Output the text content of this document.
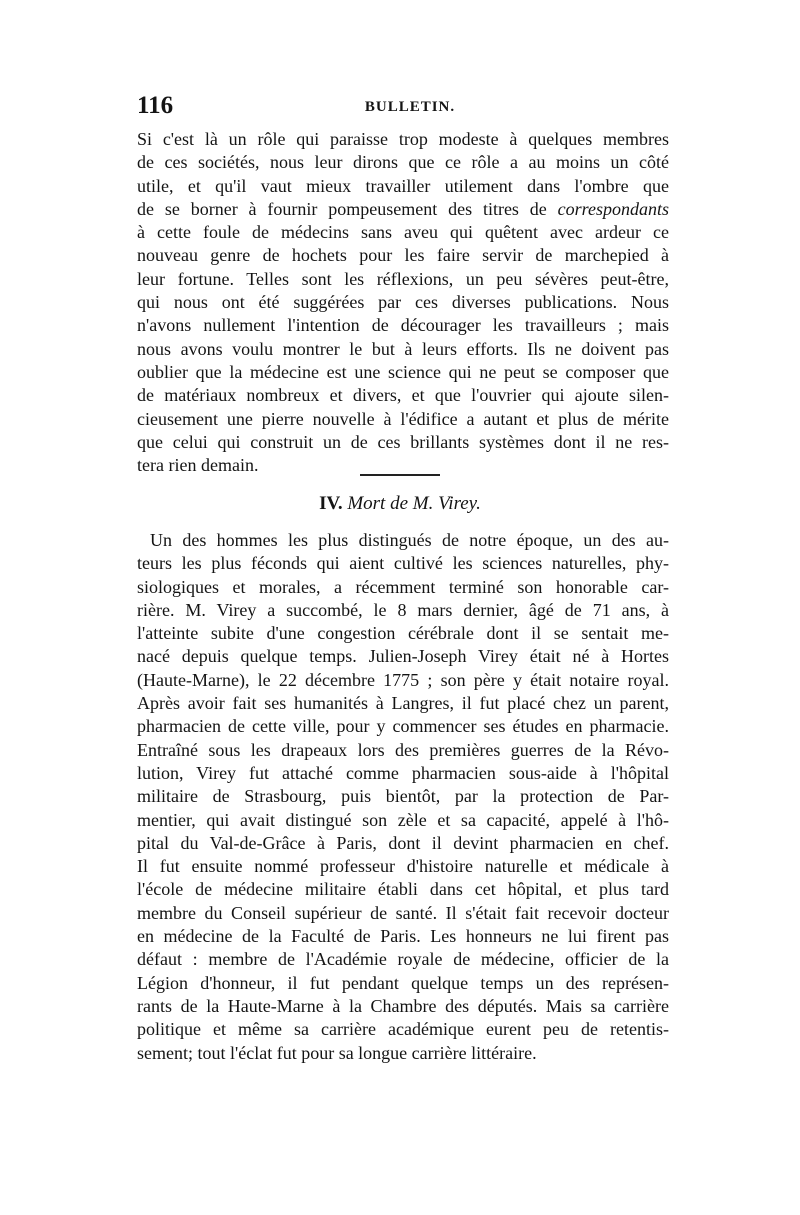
116	BULLETIN.
Si c'est là un rôle qui paraisse trop modeste à quelques membres
de ces sociétés, nous leur dirons que ce rôle a au moins un côté
utile, et qu'il vaut mieux travailler utilement dans l'ombre que
de se borner à fournir pompeusement des titres de correspondants
à cette foule de médecins sans aveu qui quêtent avec ardeur ce
nouveau genre de hochets pour les faire servir de marchepied à
leur fortune. Telles sont les réflexions, un peu sévères peut-être,
qui nous ont été suggérées par ces diverses publications. Nous
n'avons nullement l'intention de décourager les travailleurs ; mais
nous avons voulu montrer le but à leurs efforts. Ils ne doivent pas
oublier que la médecine est une science qui ne peut se composer que
de matériaux nombreux et divers, et que l'ouvrier qui ajoute silen-
cieusement une pierre nouvelle à l'édifice a autant et plus de mérite
que celui qui construit un de ces brillants systèmes dont il ne res-
tera rien demain.
IV. Mort de M. Virey.
Un des hommes les plus distingués de notre époque, un des au-
teurs les plus féconds qui aient cultivé les sciences naturelles, phy-
siologiques et morales, a récemment terminé son honorable car-
rière. M. Virey a succombé, le 8 mars dernier, âgé de 71 ans, à
l'atteinte subite d'une congestion cérébrale dont il se sentait me-
nacé depuis quelque temps. Julien-Joseph Virey était né à Hortes
(Haute-Marne), le 22 décembre 1775 ; son père y était notaire royal.
Après avoir fait ses humanités à Langres, il fut placé chez un parent,
pharmacien de cette ville, pour y commencer ses études en pharmacie.
Entraîné sous les drapeaux lors des premières guerres de la Révo-
lution, Virey fut attaché comme pharmacien sous-aide à l'hôpital
militaire de Strasbourg, puis bientôt, par la protection de Par-
mentier, qui avait distingué son zèle et sa capacité, appelé à l'hô-
pital du Val-de-Grâce à Paris, dont il devint pharmacien en chef.
Il fut ensuite nommé professeur d'histoire naturelle et médicale à
l'école de médecine militaire établi dans cet hôpital, et plus tard
membre du Conseil supérieur de santé. Il s'était fait recevoir docteur
en médecine de la Faculté de Paris. Les honneurs ne lui firent pas
défaut : membre de l'Académie royale de médecine, officier de la
Légion d'honneur, il fut pendant quelque temps un des représen-
rants de la Haute-Marne à la Chambre des députés. Mais sa carrière
politique et même sa carrière académique eurent peu de retentis-
sement; tout l'éclat fut pour sa longue carrière littéraire.
